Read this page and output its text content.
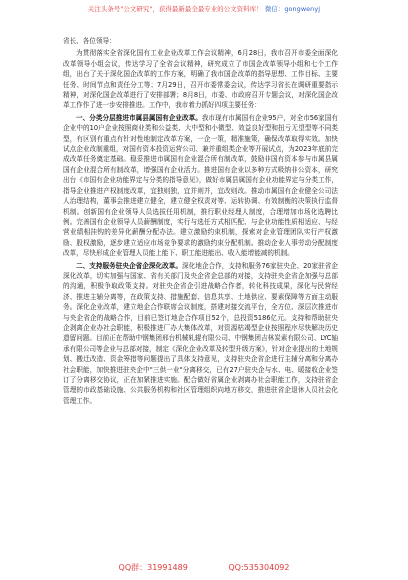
关注头条号"公文研究"，获得最新最全最专业的公文资料库！ 微信：gongwenyj

省长、各位领导：

为贯彻落实全省深化国有工业企业改革工作会议精神，6月28日，我市召开市委全面深化改革领导小组会议，传达学习了全省会议精神，研究成立了市国企改革领导小组和七个工作组，出台了关于深化国企改革的工作方案，明确了我市国企改革的指导思想、工作目标、主要任务、时间节点和责任分工等；7月29日，召开市委常委会议，传达学习省长在调研重要指示精神，对深化国企改革进行了安排部署；8月8日，市委、市政府召开专题会议，对深化国企改革工作作了进一步安排推进。工作中，我市着力抓好四项主要任务：

一、分类分层推进市属县属国有企业改革。我市现有市属国有企业95户，对全市56家国有企业中的10户企业按照商业类和公益类、大中型和小微型、效益良好型和扭亏无望型等不同类型，有区别有重点有针对性地制定改革方案，一企一策，精准施策，确保改革取得实效。加快试点企业改制重组，对国有资本投资运营公司、兼并重组类企业等开展试点，为2023年底前完成改革任务奠定基础。稳妥推进市属国有企业混合所有制改革，鼓励非国有资本参与市属县属国有企业混合所有制改革，增强国有企业活力。推进国有企业以多种方式吸纳非公资本，研究出台《市国有企业功能界定与分类的指导意见》，做好市属县属国有企业功能界定与分类工作，指导企业推进产权制度改革，宜独则独，宜并则并，宜改则改。推动市属国有企业健全公司法人治理结构，董事会推进建立健全，建立健全权责对等、运转协调、有效制衡的决策执行监督机制。创新国有企业领导人员选拔任用机制，推行职业经理人制度，合理增加市场化选聘比例。完善国有企业领导人员薪酬制度，实行与选任方式相匹配、与企业功能性质相适应、与经营业绩相挂钩的差异化薪酬分配办法。建立激励约束机制，探索对企业管理团队实行产权激励、股权激励，逐步建立适应市场竞争要求的激励约束分配机制。推动企业人事劳动分配制度改革，尽快形成企业管理人员能上能下、职工能进能出、收入能增能减的机制。

二、支持服务驻央企省企深化改革。深化地企合作，支持和服务76家驻央企、20家驻省企深化改革，切实加强与国家、省有关部门及央企省企总部的对接，支持驻央企省企加强与总部的沟通，积极争取政策支持。对驻央企省企引进战略合作者，转化科技成果，深化与民营经济、推进主辅分离等，在政策支持、措施配套、信息共享、土地供应、要素保障等方面主动服务。深化企业改革，建立地企合作联席会议制度，搭建对接交流平台，全方位、深层次推进市与央企省企的战略合作，目前已签订地企合作项目52个，总投资5186亿元。支持和帮助驻央企剥离企业办社会职能，积极推进厂办大集体改革，对资源枯竭型企业按照程序尽快解决历史遗留问题。目前正在帮助中钢集团邢台机械轧辊有限公司、中钢集团吉林炭素有限公司、LYC轴承有限公司等企业与总部对接，制定《深化企业改革及转型升级方案》，针对企业提出的土地规划、搬迁改造、资金筹措等问题提出了具体支持意见，支持驻央企省企进行主辅分离和分离办社会职能，加快推进驻央企中"三供一业"分离移交，已有27户驻央企与水、电、暖接收企业签订了分离移交协议，正在加紧推进实施。配合做好省属企业剥离办社会职能工作，支持驻省企管理的市政基础设施、公共服务机构和社区管理组织向地方移交，推进驻省企退休人员社会化管理工作。

QQ群：31991489	QQ:535304092
